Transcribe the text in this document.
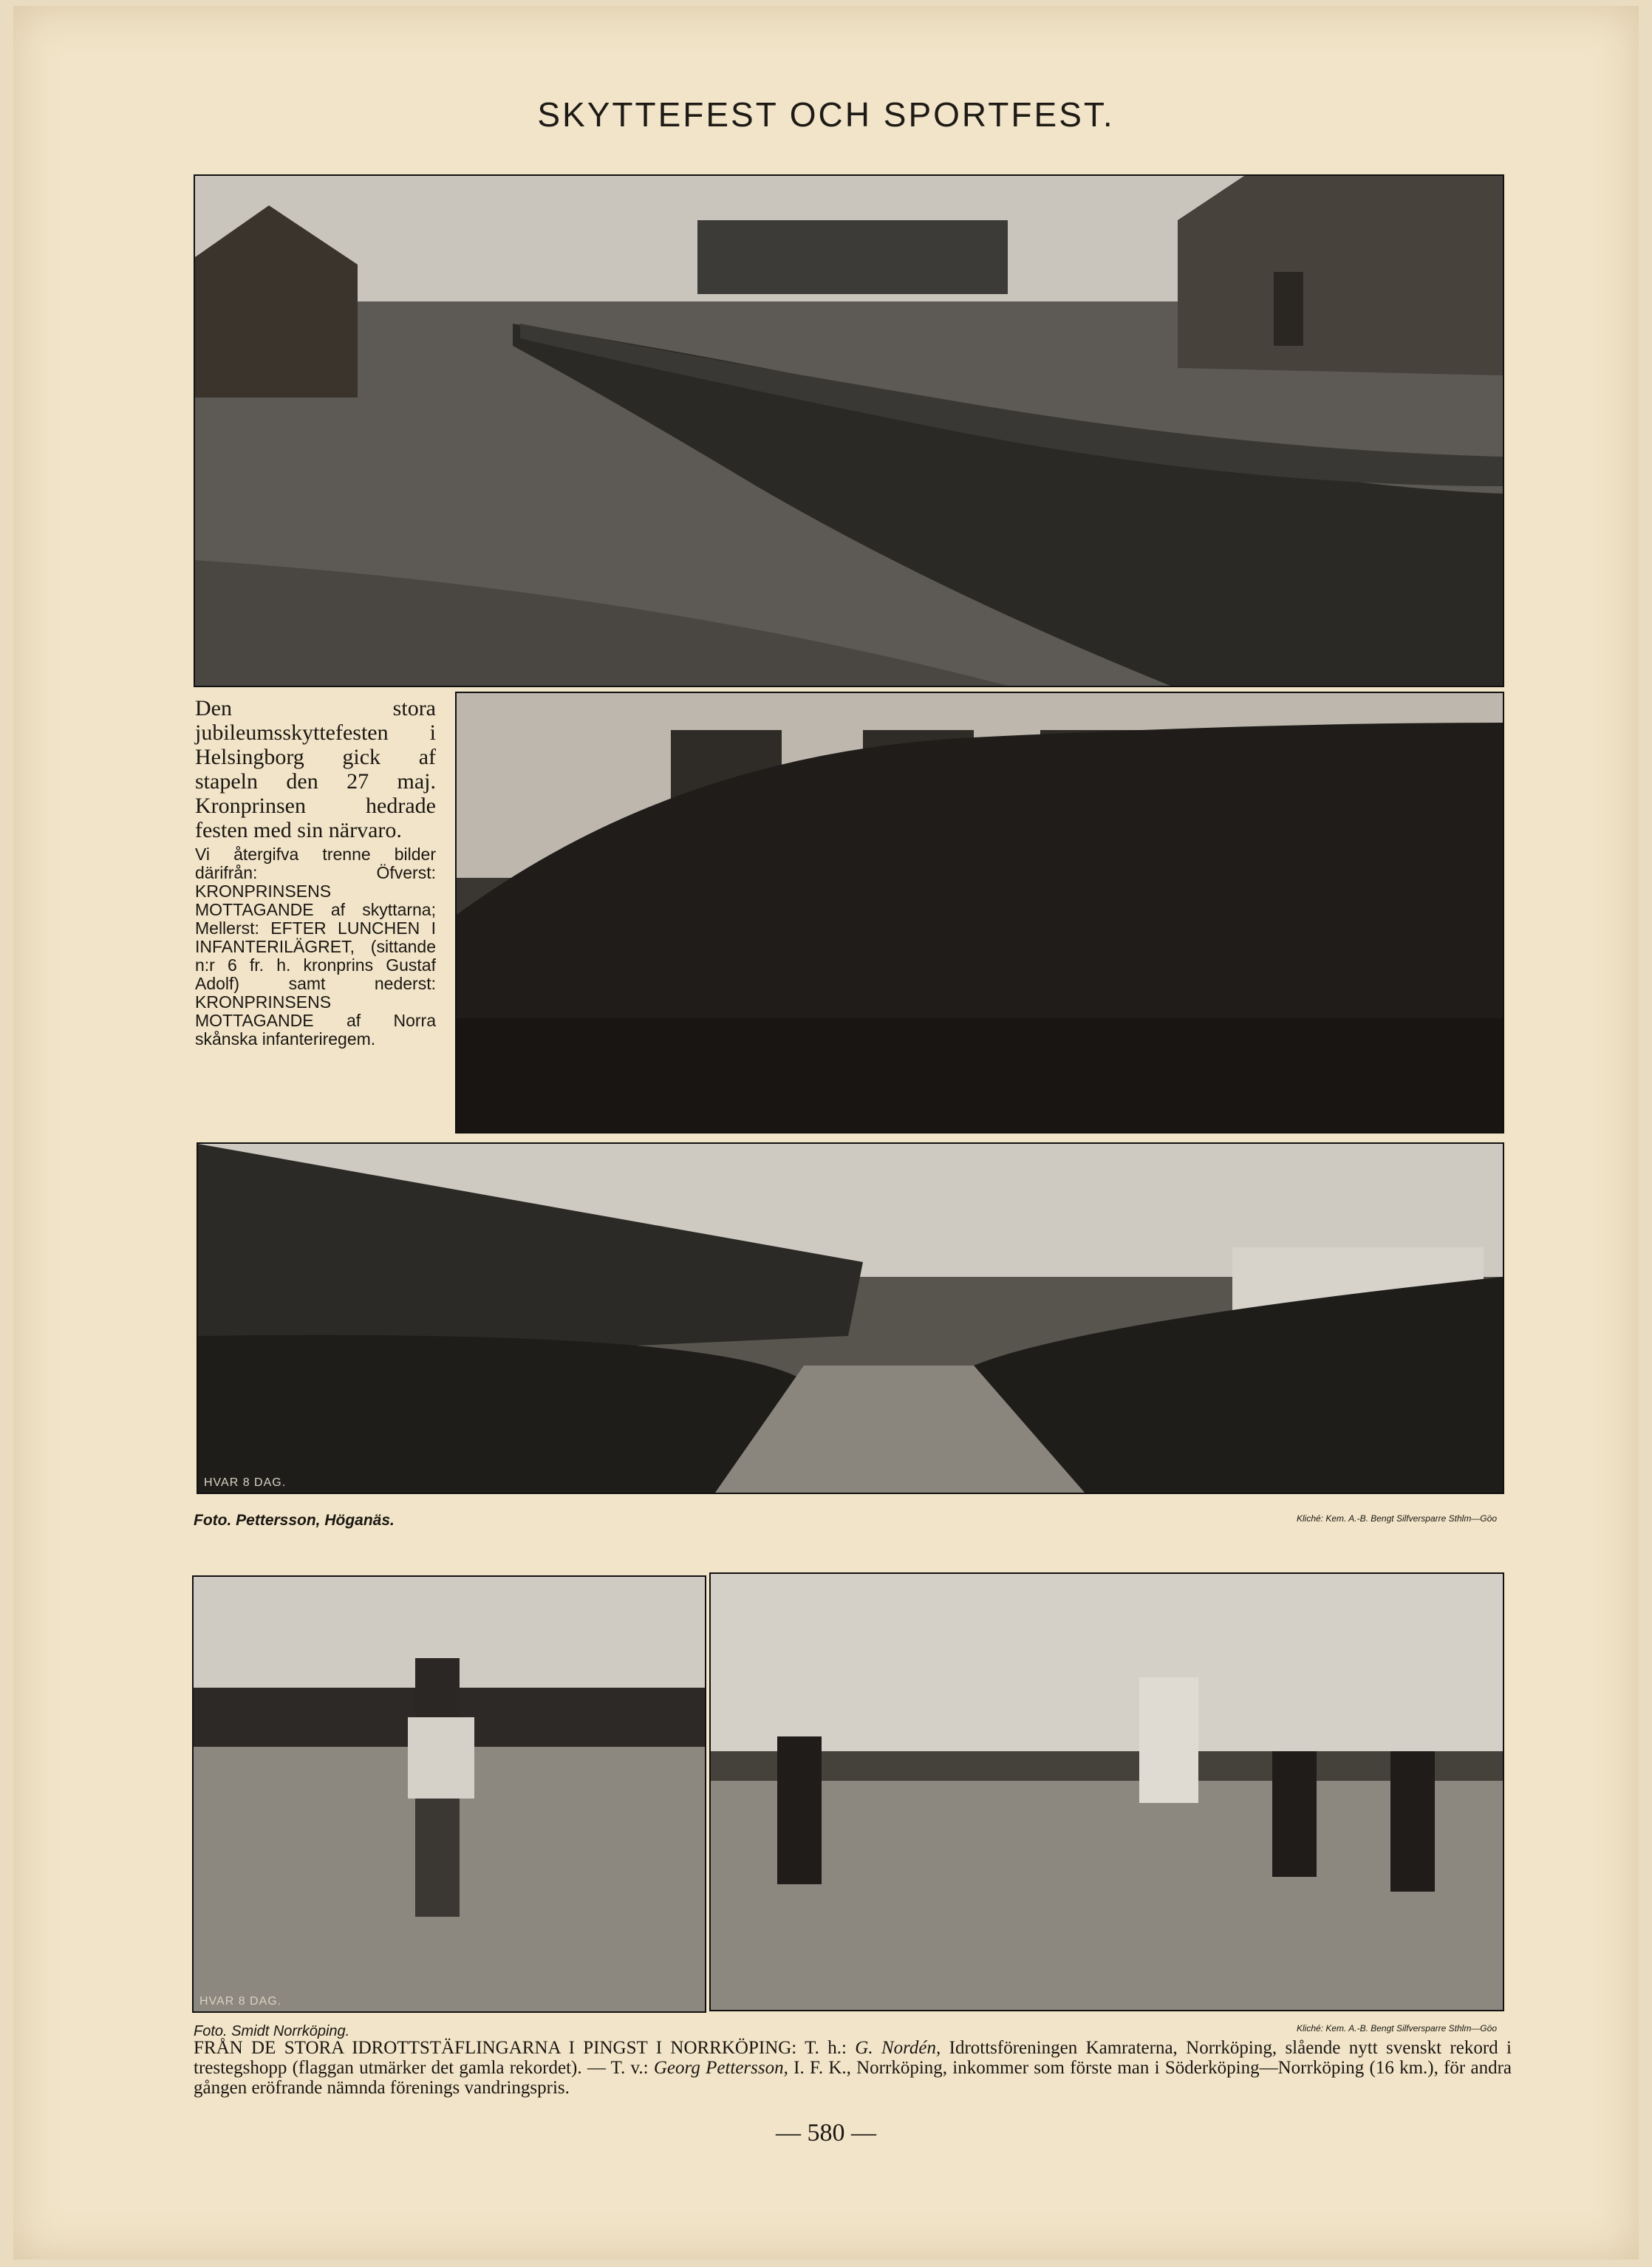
SKYTTEFEST OCH SPORTFEST.
Den stora jubileumsskyttefesten i Helsingborg gick af stapeln den 27 maj. Kronprinsen hedrade festen med sin närvaro.
Vi återgifva trenne bilder därifrån: Öfverst: KRONPRINSENS MOTTAGANDE af skyttarna; Mellerst: EFTER LUNCHEN I INFANTERILÄGRET, (sittande n:r 6 fr. h. kronprins Gustaf Adolf) samt nederst: KRONPRINSENS MOTTAGANDE af Norra skånska infanteriregem.
HVAR 8 DAG.
Foto. Pettersson, Höganäs.	Kliché: Kem. A.-B. Bengt Silfversparre Sthlm—Göo
HVAR 8 DAG.
Foto. Smidt Norrköping.	Kliché: Kem. A.-B. Bengt Silfversparre Sthlm—Göo
FRÅN DE STORA IDROTTSTÄFLINGARNA I PINGST I NORRKÖPING: T. h.: G. Nordén, Idrottsföreningen Kamraterna, Norrköping, slående nytt svenskt rekord i trestegshopp (flaggan utmärker det gamla rekordet). — T. v.: Georg Pettersson, I. F. K., Norrköping, inkommer som förste man i Söderköping—Norrköping (16 km.), för andra gången eröfrande nämnda förenings vandringspris.
— 580 —
